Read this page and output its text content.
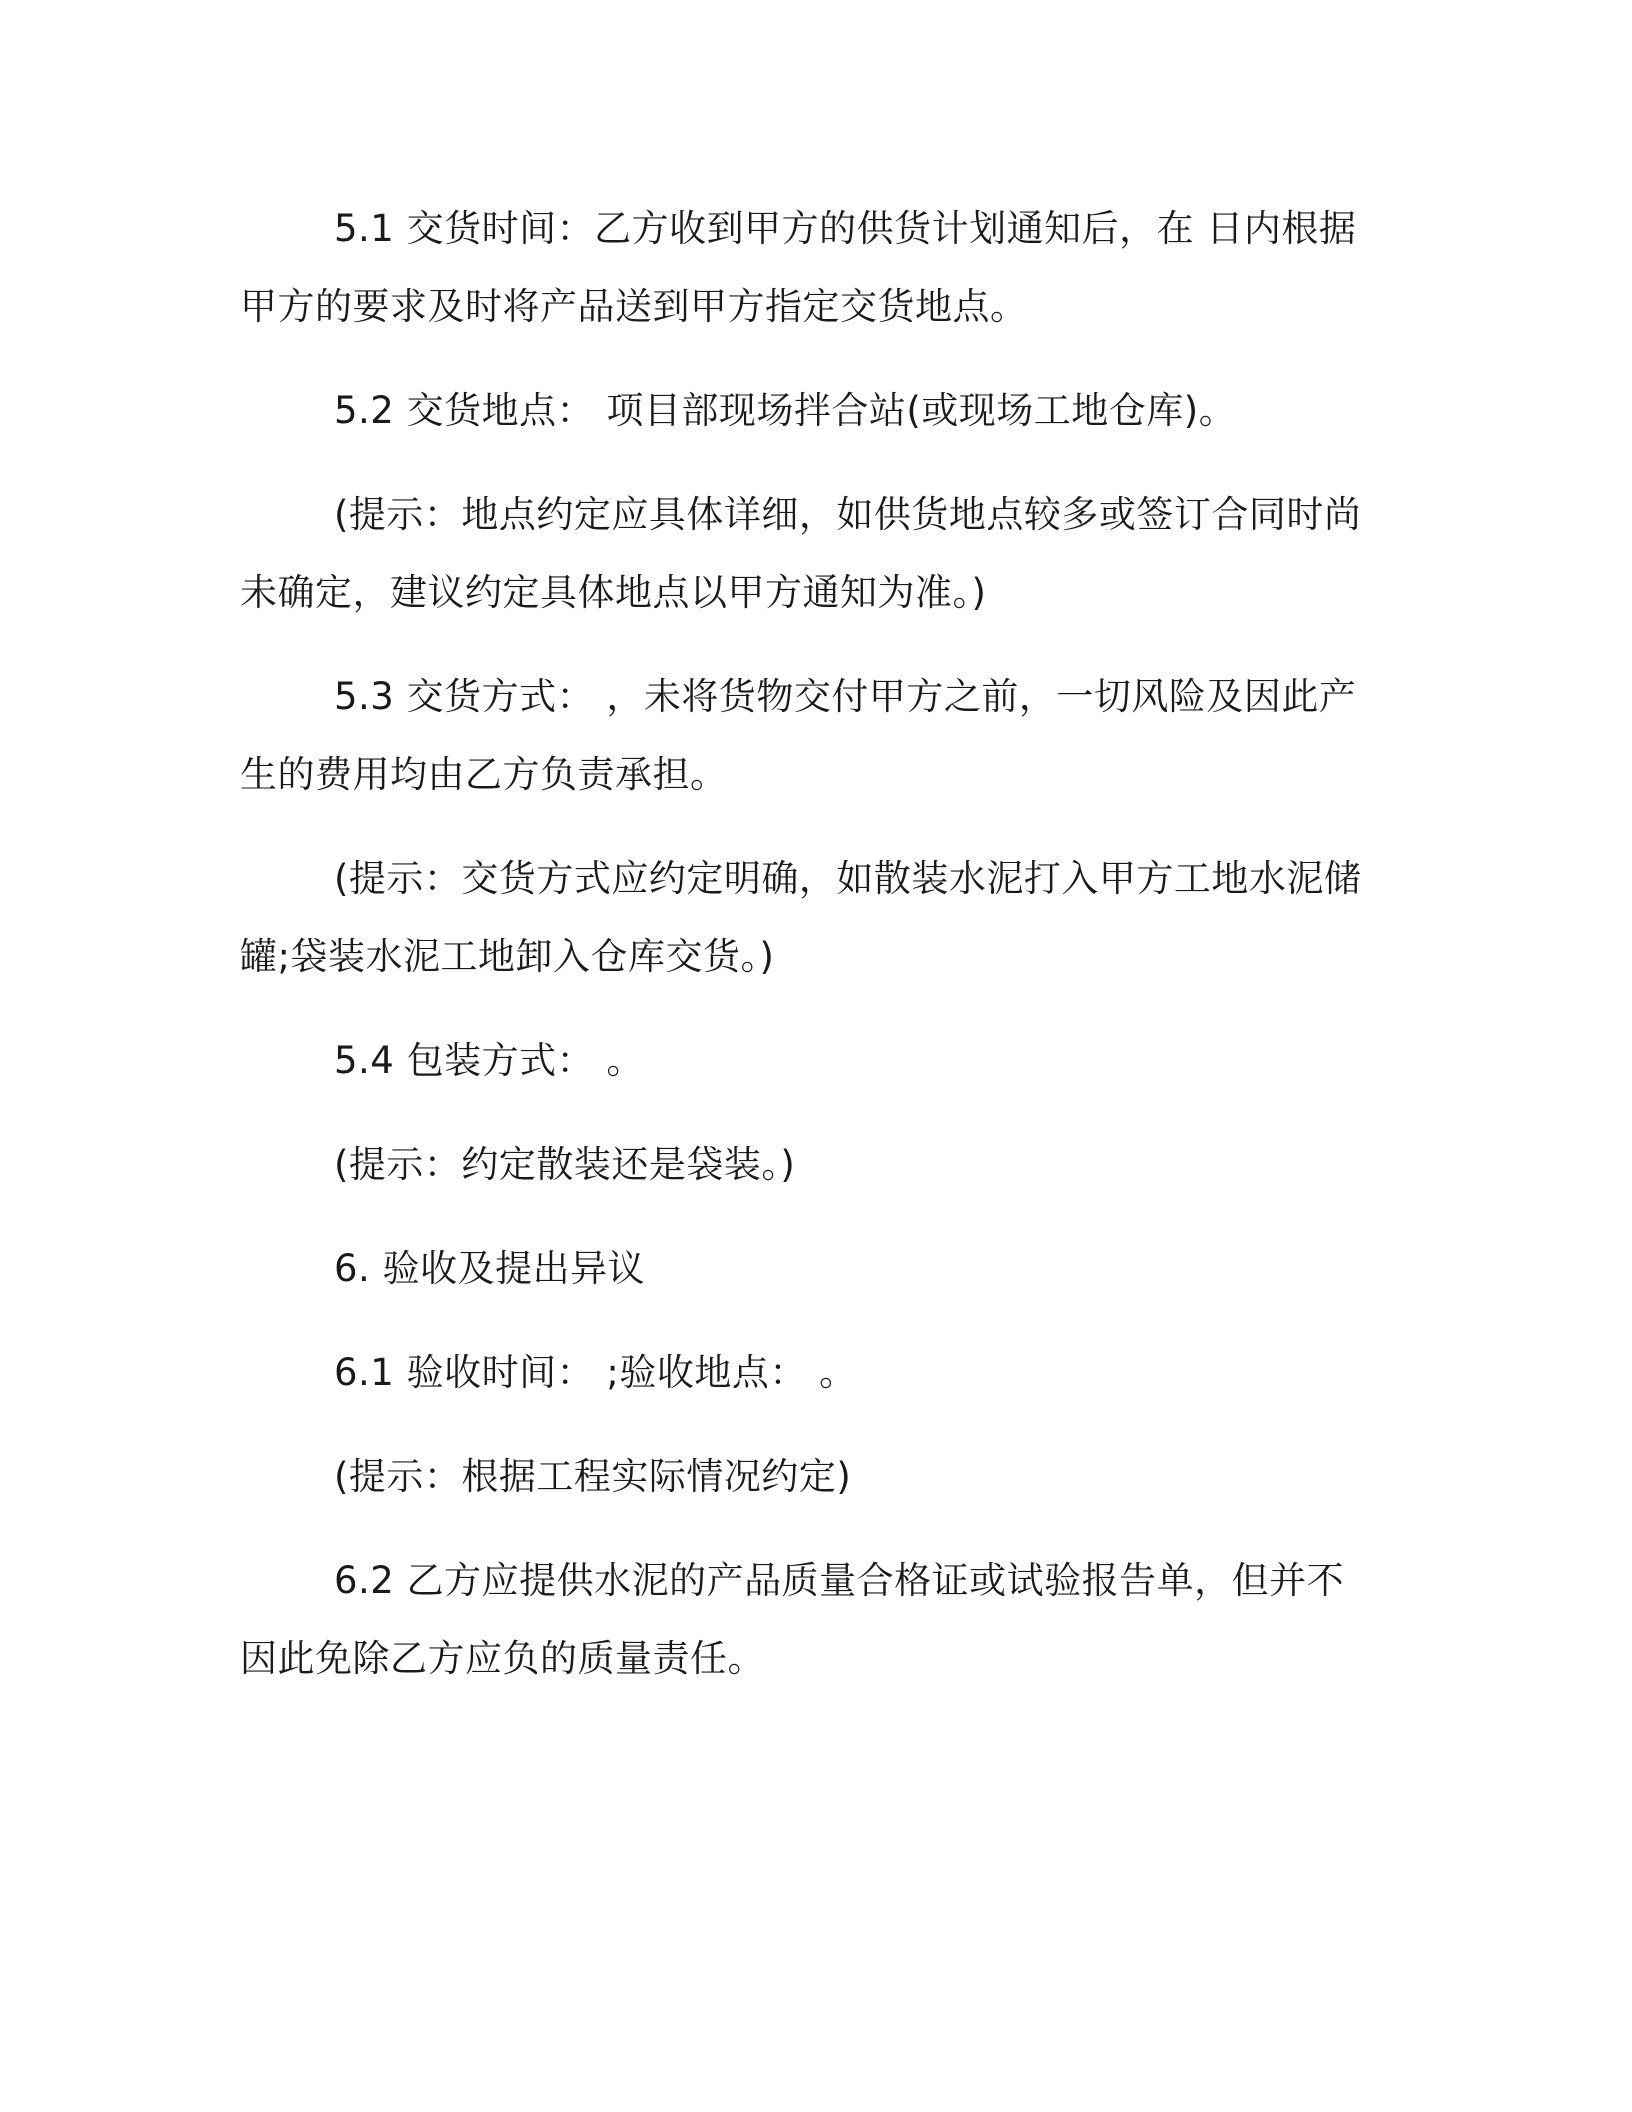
5.1 交货时间：乙方收到甲方的供货计划通知后，在 日内根据甲方的要求及时将产品送到甲方指定交货地点。

5.2 交货地点： 项目部现场拌合站(或现场工地仓库)。

(提示：地点约定应具体详细，如供货地点较多或签订合同时尚未确定，建议约定具体地点以甲方通知为准。)

5.3 交货方式： ，未将货物交付甲方之前，一切风险及因此产生的费用均由乙方负责承担。

(提示：交货方式应约定明确，如散装水泥打入甲方工地水泥储罐;袋装水泥工地卸入仓库交货。)

5.4 包装方式： 。

(提示：约定散装还是袋装。)

6. 验收及提出异议

6.1 验收时间： ;验收地点： 。

(提示：根据工程实际情况约定)

6.2 乙方应提供水泥的产品质量合格证或试验报告单，但并不因此免除乙方应负的质量责任。
